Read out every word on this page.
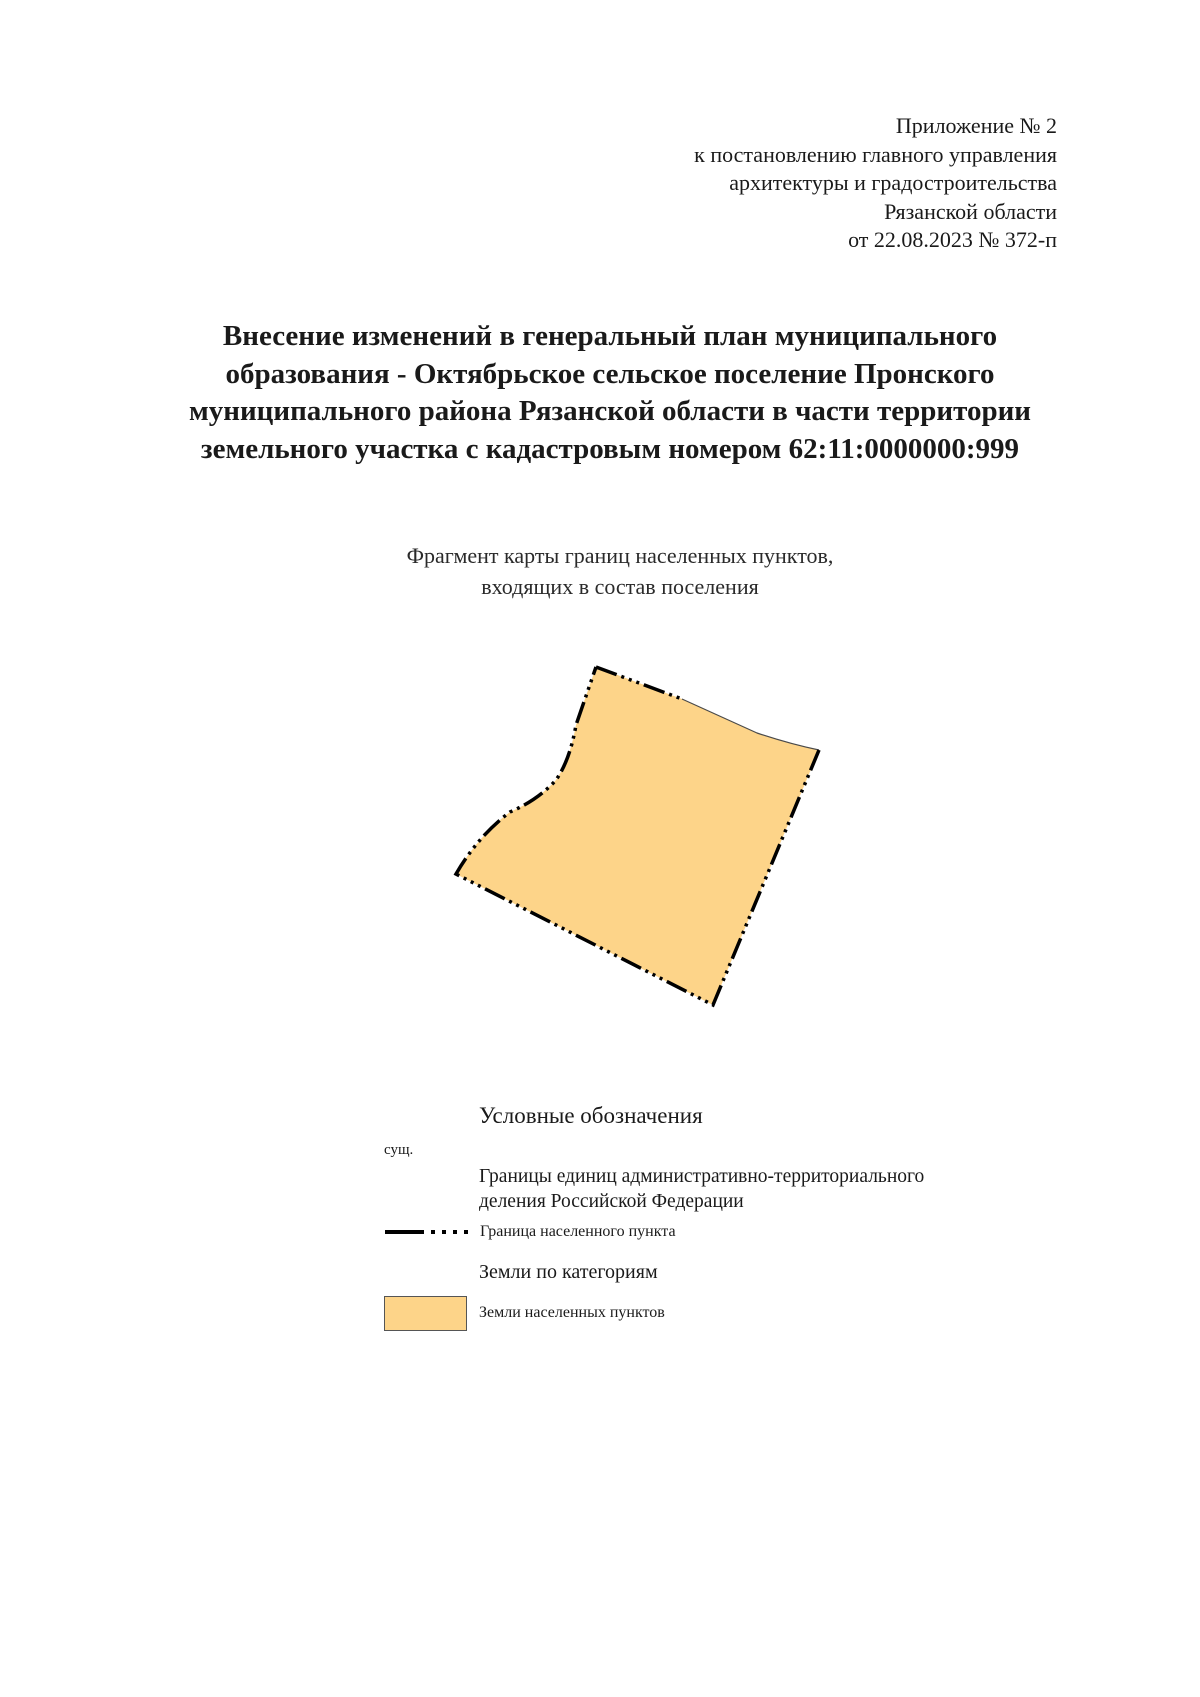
Приложение № 2
к постановлению главного управления
архитектуры и градостроительства
Рязанской области
от 22.08.2023 № 372-п
Внесение изменений в генеральный план муниципального
образования - Октябрьское сельское поселение Пронского
муниципального района Рязанской области в части территории
земельного участка с кадастровым номером 62:11:0000000:999
Фрагмент карты границ населенных пунктов,
входящих в состав поселения
Условные обозначения
сущ.
Границы единиц административно-территориального
деления Российской Федерации
Граница населенного пункта
Земли по категориям
Земли населенных пунктов
